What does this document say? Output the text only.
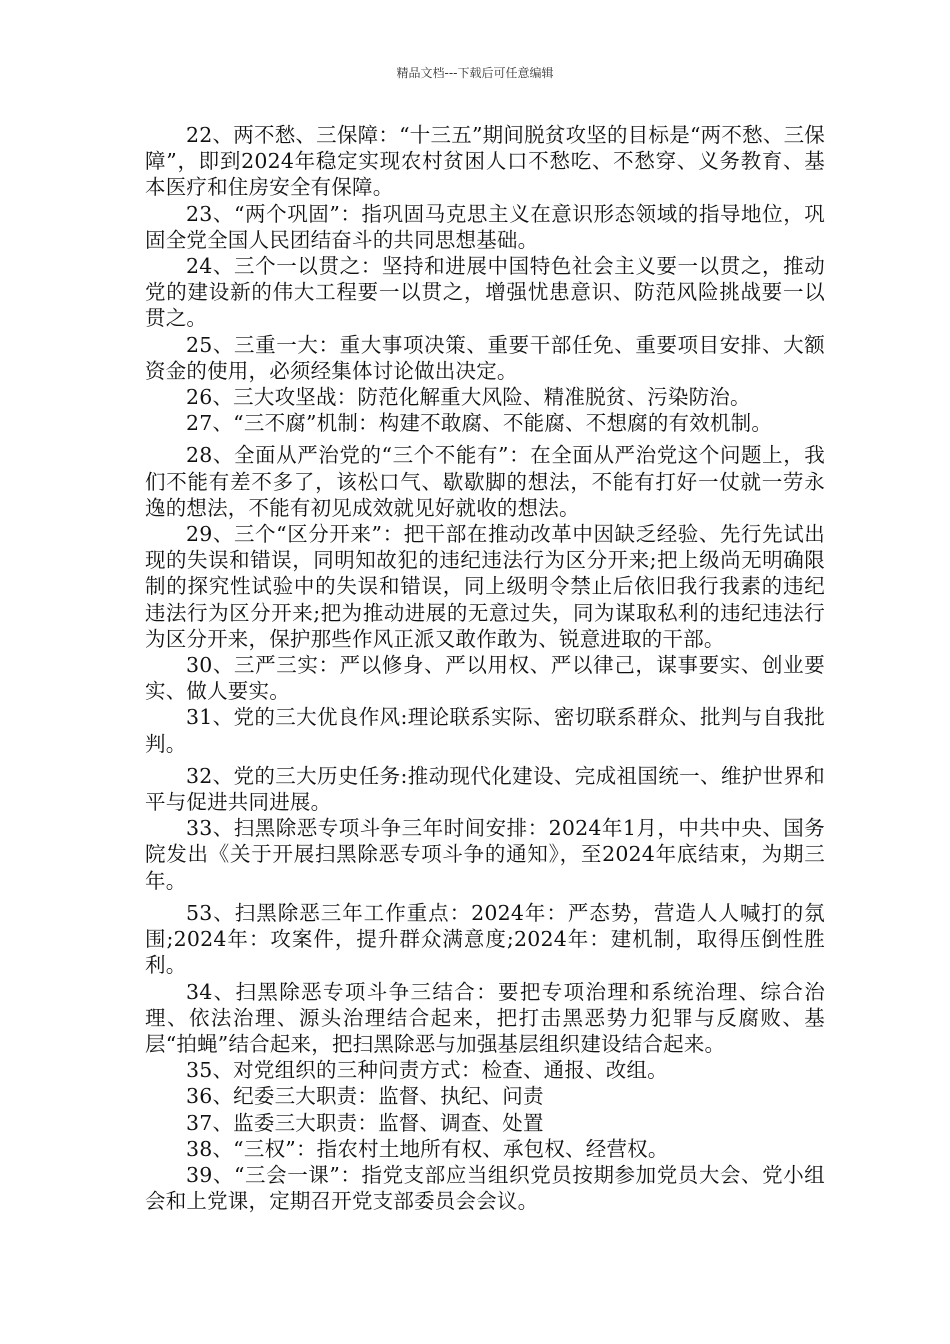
精品文档---下载后可任意编辑

22、两不愁、三保障：“十三五”期间脱贫攻坚的目标是“两不愁、三保障”，即到2024年稳定实现农村贫困人口不愁吃、不愁穿、义务教育、基本医疗和住房安全有保障。

23、“两个巩固”：指巩固马克思主义在意识形态领域的指导地位，巩固全党全国人民团结奋斗的共同思想基础。

24、三个一以贯之：坚持和进展中国特色社会主义要一以贯之，推动党的建设新的伟大工程要一以贯之，增强忧患意识、防范风险挑战要一以贯之。

25、三重一大：重大事项决策、重要干部任免、重要项目安排、大额资金的使用，必须经集体讨论做出决定。

26、三大攻坚战：防范化解重大风险、精准脱贫、污染防治。

27、“三不腐”机制：构建不敢腐、不能腐、不想腐的有效机制。

28、全面从严治党的“三个不能有”：在全面从严治党这个问题上，我们不能有差不多了，该松口气、歇歇脚的想法，不能有打好一仗就一劳永逸的想法，不能有初见成效就见好就收的想法。

29、三个“区分开来”：把干部在推动改革中因缺乏经验、先行先试出现的失误和错误，同明知故犯的违纪违法行为区分开来;把上级尚无明确限制的探究性试验中的失误和错误，同上级明令禁止后依旧我行我素的违纪违法行为区分开来;把为推动进展的无意过失，同为谋取私利的违纪违法行为区分开来，保护那些作风正派又敢作敢为、锐意进取的干部。

30、三严三实：严以修身、严以用权、严以律己，谋事要实、创业要实、做人要实。

31、党的三大优良作风:理论联系实际、密切联系群众、批判与自我批判。

32、党的三大历史任务:推动现代化建设、完成祖国统一、维护世界和平与促进共同进展。

33、扫黑除恶专项斗争三年时间安排：2024年1月，中共中央、国务院发出《关于开展扫黑除恶专项斗争的通知》，至2024年底结束，为期三年。

53、扫黑除恶三年工作重点：2024年：严态势，营造人人喊打的氛围;2024年：攻案件，提升群众满意度;2024年：建机制，取得压倒性胜利。

34、扫黑除恶专项斗争三结合：要把专项治理和系统治理、综合治理、依法治理、源头治理结合起来，把打击黑恶势力犯罪与反腐败、基层“拍蝇”结合起来，把扫黑除恶与加强基层组织建设结合起来。

35、对党组织的三种问责方式：检查、通报、改组。

36、纪委三大职责：监督、执纪、问责

37、监委三大职责：监督、调查、处置

38、“三权”：指农村土地所有权、承包权、经营权。

39、“三会一课”：指党支部应当组织党员按期参加党员大会、党小组会和上党课，定期召开党支部委员会会议。
